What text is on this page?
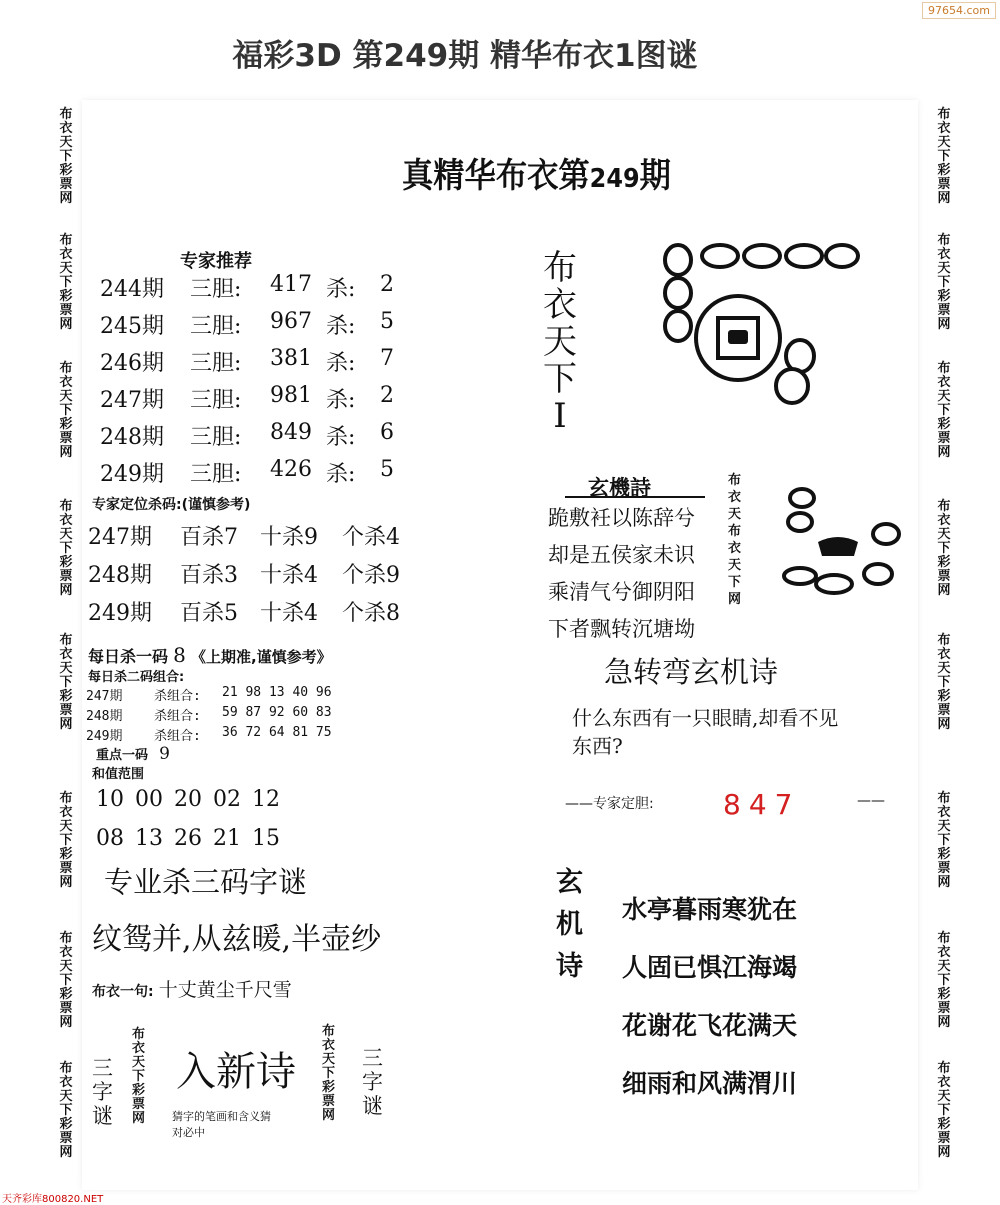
97654.com
福彩3D 第249期 精华布衣1图谜
布
衣
天
下
彩
票
网
布
衣
天
下
彩
票
网
布
衣
天
下
彩
票
网
布
衣
天
下
彩
票
网
布
衣
天
下
彩
票
网
布
衣
天
下
彩
票
网
布
衣
天
下
彩
票
网
布
衣
天
下
彩
票
网
布
衣
天
下
彩
票
网
布
衣
天
下
彩
票
网
布
衣
天
下
彩
票
网
布
衣
天
下
彩
票
网
布
衣
天
下
彩
票
网
布
衣
天
下
彩
票
网
布
衣
天
下
彩
票
网
布
衣
天
下
彩
票
网
真精华布衣第249期
专家推荐
244期 三胆: 417 杀: 2
245期 三胆: 967 杀: 5
246期 三胆: 381 杀: 7
247期 三胆: 981 杀: 2
248期 三胆: 849 杀: 6
249期 三胆: 426 杀: 5
专家定位杀码:(谨慎参考)
247期 百杀7 十杀9 个杀4
248期 百杀3 十杀4 个杀9
249期 百杀5 十杀4 个杀8
每日杀一码 8 《上期准,谨慎参考》
每日杀二码组合:
247期 杀组合: 21 98 13 40 96
248期 杀组合: 59 87 92 60 83
249期 杀组合: 36 72 64 81 75
重点一码 9
和值范围
10 00 20 02 12
08 13 26 21 15
专业杀三码字谜
纹鸳并,从兹暖,半壶纱
布衣一句: 十丈黄尘千尺雪
三
字
谜
布
衣
天
下
彩
票
网
入新诗
猜字的笔画和含义猜
对必中
布
衣
天
下
彩
票
网
三
字
谜
布
衣
天
下
I
玄機詩
跪敷衽以陈辞兮
却是五侯家未识
乘清气兮御阴阳
下者飘转沉塘坳
布
衣
天
布
衣
天
下
网
急转弯玄机诗
什么东西有一只眼睛,却看不见
东西?
——专家定胆: 847	——
玄
机
诗
水亭暮雨寒犹在
人固已惧江海竭
花谢花飞花满天
细雨和风满渭川
天齐彩库800820.NET
